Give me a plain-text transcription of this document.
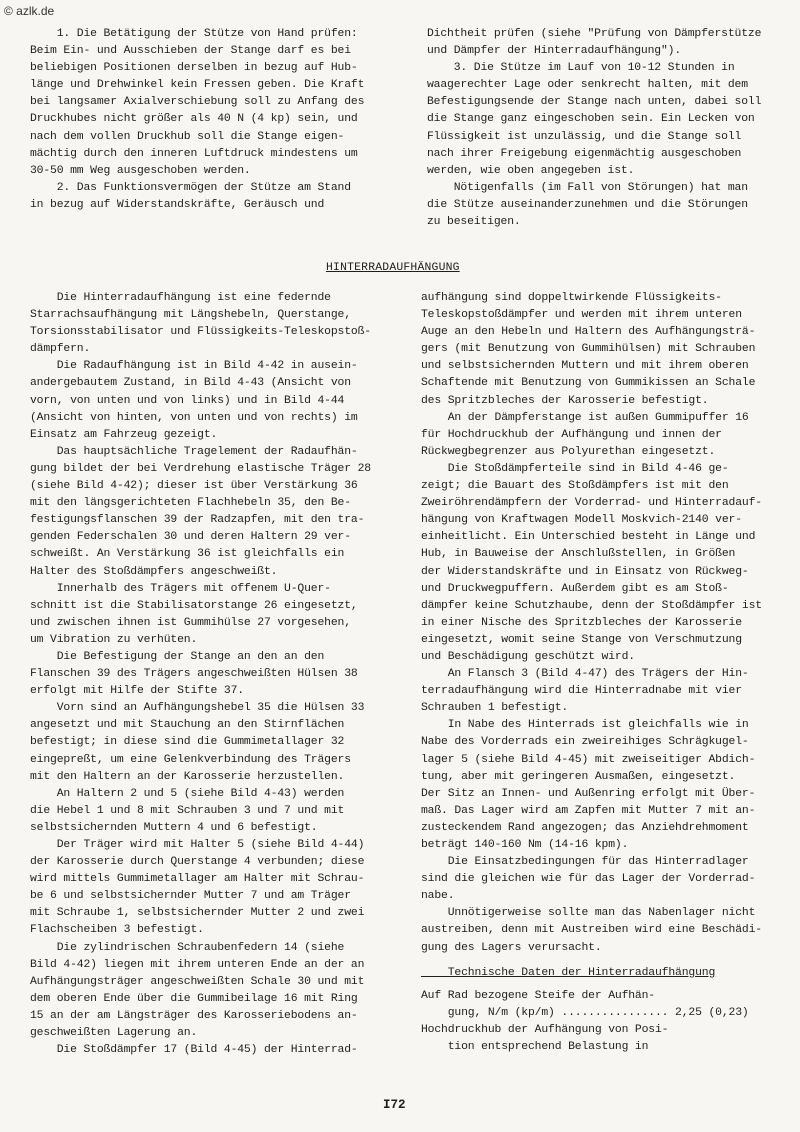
© azlk.de

1. Die Betätigung der Stütze von Hand prüfen:

Beim Ein- und Ausschieben der Stange darf es bei

beliebigen Positionen derselben in bezug auf Hub-

länge und Drehwinkel kein Fressen geben. Die Kraft

bei langsamer Axialverschiebung soll zu Anfang des

Druckhubes nicht größer als 40 N (4 kp) sein, und

nach dem vollen Druckhub soll die Stange eigen-

mächtig durch den inneren Luftdruck mindestens um

30-50 mm Weg ausgeschoben werden.

2. Das Funktionsvermögen der Stütze am Stand

in bezug auf Widerstandskräfte, Geräusch und

Dichtheit prüfen (siehe "Prüfung von Dämpferstütze

und Dämpfer der Hinterradaufhängung").

3. Die Stütze im Lauf von 10-12 Stunden in

waagerechter Lage oder senkrecht halten, mit dem

Befestigungsende der Stange nach unten, dabei soll

die Stange ganz eingeschoben sein. Ein Lecken von

Flüssigkeit ist unzulässig, und die Stange soll

nach ihrer Freigebung eigenmächtig ausgeschoben

werden, wie oben angegeben ist.

Nötigenfalls (im Fall von Störungen) hat man

die Stütze auseinanderzunehmen und die Störungen

zu beseitigen.

HINTERRADAUFHÄNGUNG

Die Hinterradaufhängung ist eine federnde

Starrachsaufhängung mit Längshebeln, Querstange,

Torsionsstabilisator und Flüssigkeits-Teleskopstoß-

dämpfern.

Die Radaufhängung ist in Bild 4-42 in ausein-

andergebautem Zustand, in Bild 4-43 (Ansicht von

vorn, von unten und von links) und in Bild 4-44

(Ansicht von hinten, von unten und von rechts) im

Einsatz am Fahrzeug gezeigt.

Das hauptsächliche Tragelement der Radaufhän-

gung bildet der bei Verdrehung elastische Träger 28

(siehe Bild 4-42); dieser ist über Verstärkung 36

mit den längsgerichteten Flachhebeln 35, den Be-

festigungsflanschen 39 der Radzapfen, mit den tra-

genden Federschalen 30 und deren Haltern 29 ver-

schweißt. An Verstärkung 36 ist gleichfalls ein

Halter des Stoßdämpfers angeschweißt.

Innerhalb des Trägers mit offenem U-Quer-

schnitt ist die Stabilisatorstange 26 eingesetzt,

und zwischen ihnen ist Gummihülse 27 vorgesehen,

um Vibration zu verhüten.

Die Befestigung der Stange an den an den

Flanschen 39 des Trägers angeschweißten Hülsen 38

erfolgt mit Hilfe der Stifte 37.

Vorn sind an Aufhängungshebel 35 die Hülsen 33

angesetzt und mit Stauchung an den Stirnflächen

befestigt; in diese sind die Gummimetallager 32

eingepreßt, um eine Gelenkverbindung des Trägers

mit den Haltern an der Karosserie herzustellen.

An Haltern 2 und 5 (siehe Bild 4-43) werden

die Hebel 1 und 8 mit Schrauben 3 und 7 und mit

selbstsichernden Muttern 4 und 6 befestigt.

Der Träger wird mit Halter 5 (siehe Bild 4-44)

der Karosserie durch Querstange 4 verbunden; diese

wird mittels Gummimetallager am Halter mit Schrau-

be 6 und selbstsichernder Mutter 7 und am Träger

mit Schraube 1, selbstsichernder Mutter 2 und zwei

Flachscheiben 3 befestigt.

Die zylindrischen Schraubenfedern 14 (siehe

Bild 4-42) liegen mit ihrem unteren Ende an der an

Aufhängungsträger angeschweißten Schale 30 und mit

dem oberen Ende über die Gummibeilage 16 mit Ring

15 an der am Längsträger des Karosseriebodens an-

geschweißten Lagerung an.

Die Stoßdämpfer 17 (Bild 4-45) der Hinterrad-

aufhängung sind doppeltwirkende Flüssigkeits-

Teleskopstoßdämpfer und werden mit ihrem unteren

Auge an den Hebeln und Haltern des Aufhängungsträ-

gers (mit Benutzung von Gummihülsen) mit Schrauben

und selbstsichernden Muttern und mit ihrem oberen

Schaftende mit Benutzung von Gummikissen an Schale

des Spritzbleches der Karosserie befestigt.

An der Dämpferstange ist außen Gummipuffer 16

für Hochdruckhub der Aufhängung und innen der

Rückwegbegrenzer aus Polyurethan eingesetzt.

Die Stoßdämpferteile sind in Bild 4-46 ge-

zeigt; die Bauart des Stoßdämpfers ist mit den

Zweiröhrendämpfern der Vorderrad- und Hinterradauf-

hängung von Kraftwagen Modell Moskvich-2140 ver-

einheitlicht. Ein Unterschied besteht in Länge und

Hub, in Bauweise der Anschlußstellen, in Größen

der Widerstandskräfte und in Einsatz von Rückweg-

und Druckwegpuffern. Außerdem gibt es am Stoß-

dämpfer keine Schutzhaube, denn der Stoßdämpfer ist

in einer Nische des Spritzbleches der Karosserie

eingesetzt, womit seine Stange von Verschmutzung

und Beschädigung geschützt wird.

An Flansch 3 (Bild 4-47) des Trägers der Hin-

terradaufhängung wird die Hinterradnabe mit vier

Schrauben 1 befestigt.

In Nabe des Hinterrads ist gleichfalls wie in

Nabe des Vorderrads ein zweireihiges Schrägkugel-

lager 5 (siehe Bild 4-45) mit zweiseitiger Abdich-

tung, aber mit geringeren Ausmaßen, eingesetzt.

Der Sitz an Innen- und Außenring erfolgt mit Über-

maß. Das Lager wird am Zapfen mit Mutter 7 mit an-

zusteckendem Rand angezogen; das Anziehdrehmoment

beträgt 140-160 Nm (14-16 kpm).

Die Einsatzbedingungen für das Hinterradlager

sind die gleichen wie für das Lager der Vorderrad-

nabe.

Unnötigerweise sollte man das Nabenlager nicht

austreiben, denn mit Austreiben wird eine Beschädi-

gung des Lagers verursacht.

Technische Daten der Hinterradaufhängung

Auf Rad bezogene Steife der Aufhän-

gung, N/m (kp/m) ................ 2,25 (0,23)

Hochdruckhub der Aufhängung von Posi-

tion entsprechend Belastung in

I72
